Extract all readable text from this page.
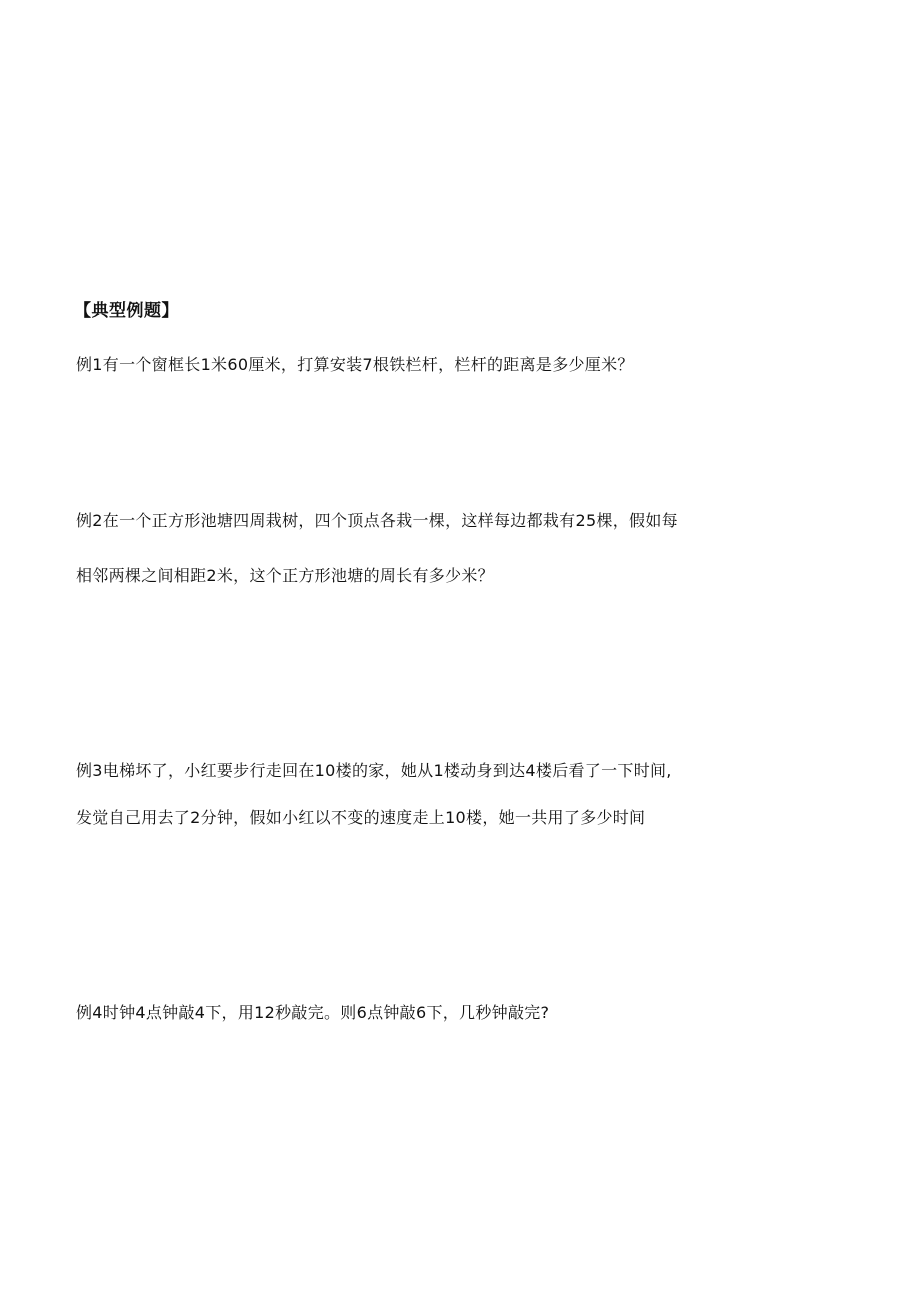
【典型例题】
例1有一个窗框长1米60厘米，打算安装7根铁栏杆，栏杆的距离是多少厘米？
例2在一个正方形池塘四周栽树，四个顶点各栽一棵，这样每边都栽有25棵，假如每
相邻两棵之间相距2米，这个正方形池塘的周长有多少米？
例3电梯坏了，小红要步行走回在10楼的家，她从1楼动身到达4楼后看了一下时间,
发觉自己用去了2分钟，假如小红以不变的速度走上10楼，她一共用了多少时间
例4时钟4点钟敲4下，用12秒敲完。则6点钟敲6下，几秒钟敲完?
